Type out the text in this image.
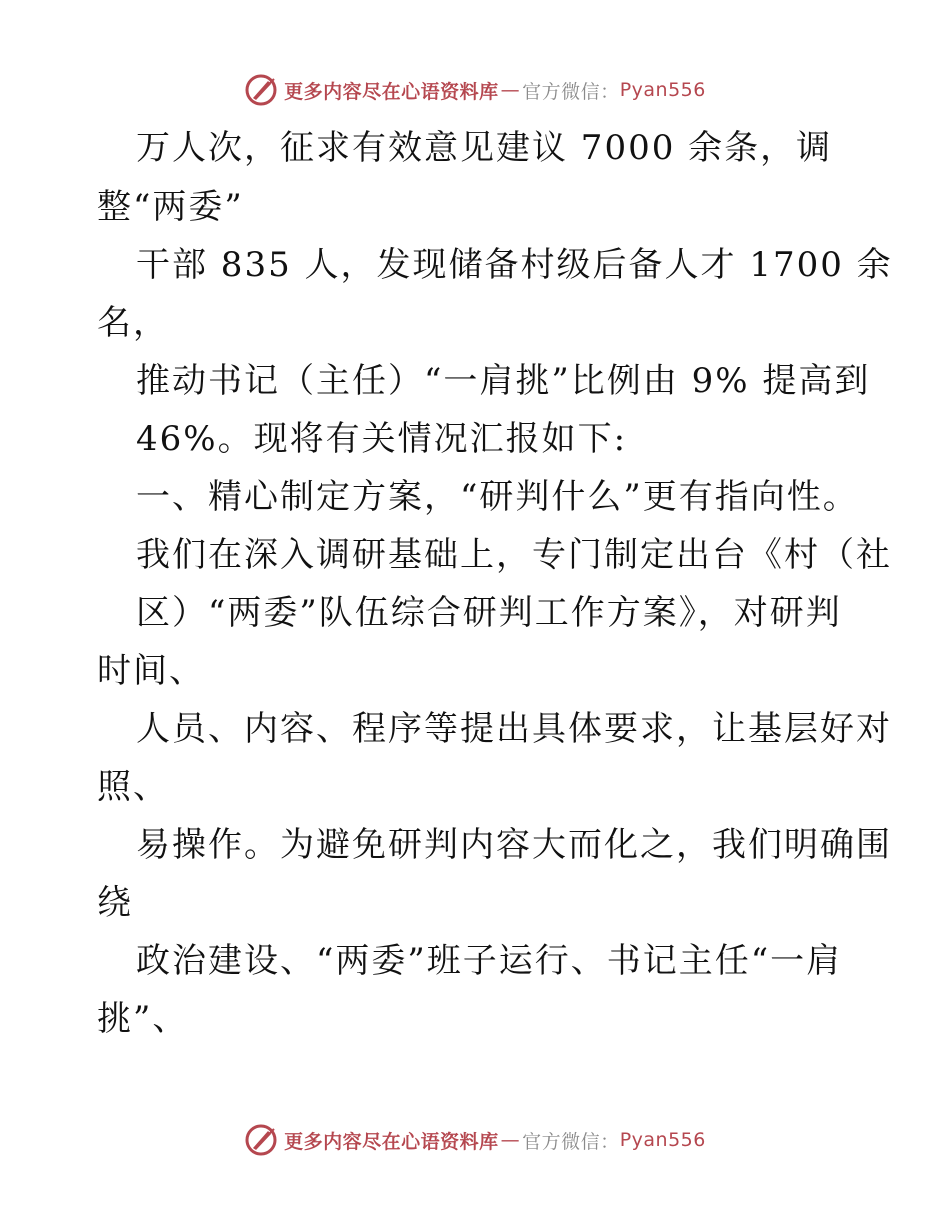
更多内容尽在心语资料库 — 官方微信： Pyan556
万人次，征求有效意见建议 7000 余条，调
整“两委”
干部 835 人，发现储备村级后备人才 1700 余
名，
推动书记（主任）“一肩挑”比例由 9% 提高到
46%。现将有关情况汇报如下:
一、精心制定方案，“研判什么”更有指向性。
我们在深入调研基础上，专门制定出台《村（社
区）“两委”队伍综合研判工作方案》，对研判
时间、
人员、内容、程序等提出具体要求，让基层好对
照、
易操作。为避免研判内容大而化之，我们明确围
绕
政治建设、“两委”班子运行、书记主任“一肩
挑”、
更多内容尽在心语资料库 — 官方微信： Pyan556
